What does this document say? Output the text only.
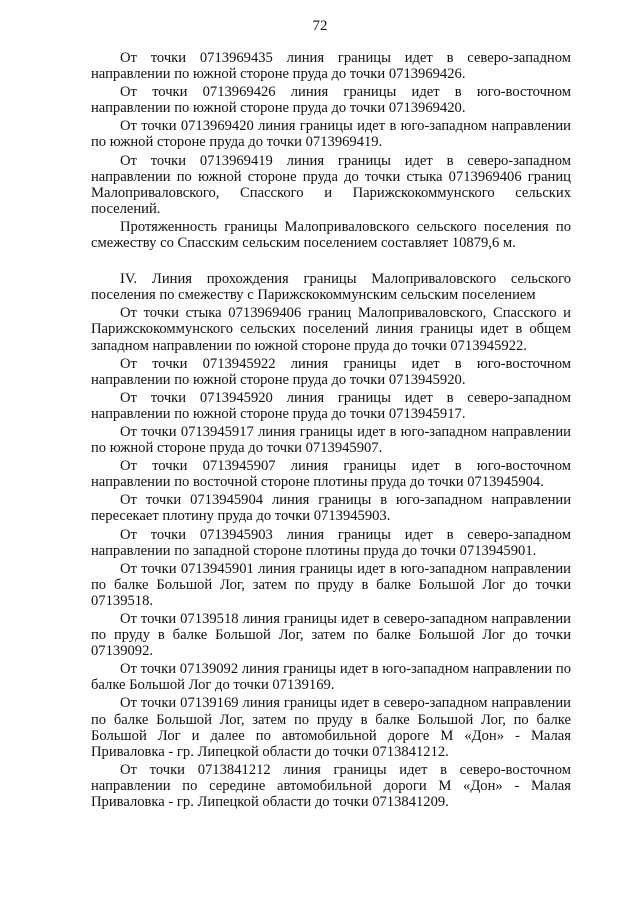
72

От точки 0713969435 линия границы идет в северо-западном направлении по южной стороне пруда до точки 0713969426.

От точки 0713969426 линия границы идет в юго-восточном направлении по южной стороне пруда до точки 0713969420.

От точки 0713969420 линия границы идет в юго-западном направлении по южной стороне пруда до точки 0713969419.

От точки 0713969419 линия границы идет в северо-западном направлении по южной стороне пруда до точки стыка 0713969406 границ Малоприваловского, Спасского и Парижскокоммунского сельских поселений.

Протяженность границы Малоприваловского сельского поселения по смежеству со Спасским сельским поселением составляет 10879,6 м.

IV. Линия прохождения границы Малоприваловского сельского поселения по смежеству с Парижскокоммунским сельским поселением

От точки стыка 0713969406 границ Малоприваловского, Спасского и Парижскокоммунского сельских поселений линия границы идет в общем западном направлении по южной стороне пруда до точки 0713945922.

От точки 0713945922 линия границы идет в юго-восточном направлении по южной стороне пруда до точки 0713945920.

От точки 0713945920 линия границы идет в северо-западном направлении по южной стороне пруда до точки 0713945917.

От точки 0713945917 линия границы идет в юго-западном направлении по южной стороне пруда до точки 0713945907.

От точки 0713945907 линия границы идет в юго-восточном направлении по восточной стороне плотины пруда до точки 0713945904.

От точки 0713945904 линия границы в юго-западном направлении пересекает плотину пруда до точки 0713945903.

От точки 0713945903 линия границы идет в северо-западном направлении по западной стороне плотины пруда до точки 0713945901.

От точки 0713945901 линия границы идет в юго-западном направлении по балке Большой Лог, затем по пруду в балке Большой Лог до точки 07139518.

От точки 07139518 линия границы идет в северо-западном направлении по пруду в балке Большой Лог, затем по балке Большой Лог до точки 07139092.

От точки 07139092 линия границы идет в юго-западном направлении по балке Большой Лог до точки 07139169.

От точки 07139169 линия границы идет в северо-западном направлении по балке Большой Лог, затем по пруду в балке Большой Лог, по балке Большой Лог и далее по автомобильной дороге М «Дон» - Малая Приваловка - гр. Липецкой области до точки 0713841212.

От точки 0713841212 линия границы идет в северо-восточном направлении по середине автомобильной дороги М «Дон» - Малая Приваловка - гр. Липецкой области до точки 0713841209.
